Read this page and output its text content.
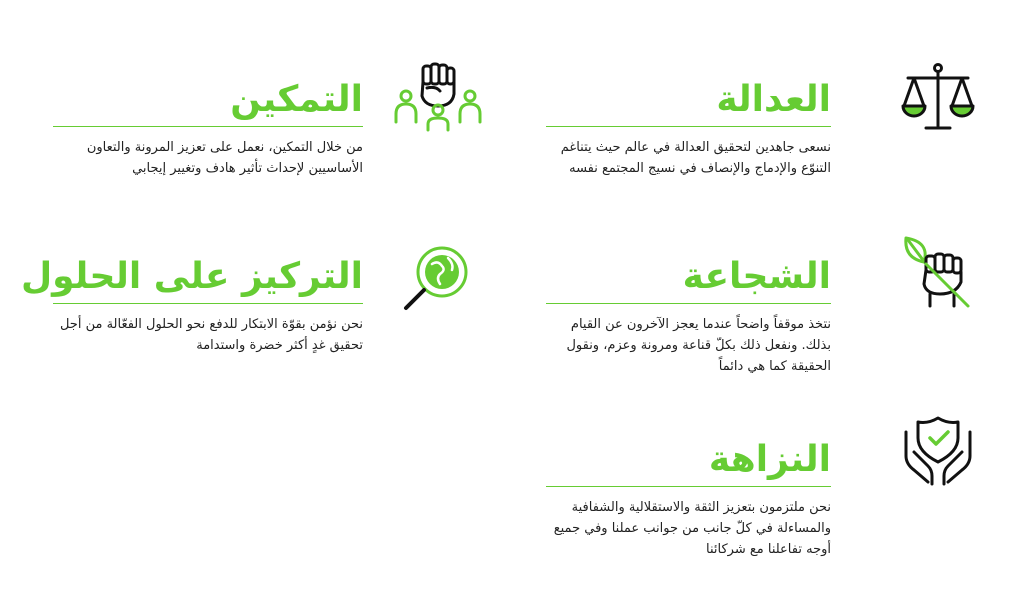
العدالة

نسعى جاهدين لتحقيق العدالة في عالم حيث يتناغم التنوّع والإدماج والإنصاف في نسيج المجتمع نفسه

التمكين

من خلال التمكين، نعمل على تعزيز المرونة والتعاون الأساسيين لإحداث تأثير هادف وتغيير إيجابي

الشجاعة

نتخذ موقفاً واضحاً عندما يعجز الآخرون عن القيام بذلك. ونفعل ذلك بكلّ قناعة ومرونة وعزم، ونقول الحقيقة كما هي دائماً

التركيز على الحلول

نحن نؤمن بقوّة الابتكار للدفع نحو الحلول الفعّالة من أجل تحقيق غدٍ أكثر خضرة واستدامة

النزاهة

نحن ملتزمون بتعزيز الثقة والاستقلالية والشفافية والمساءلة في كلّ جانب من جوانب عملنا وفي جميع أوجه تفاعلنا مع شركائنا
